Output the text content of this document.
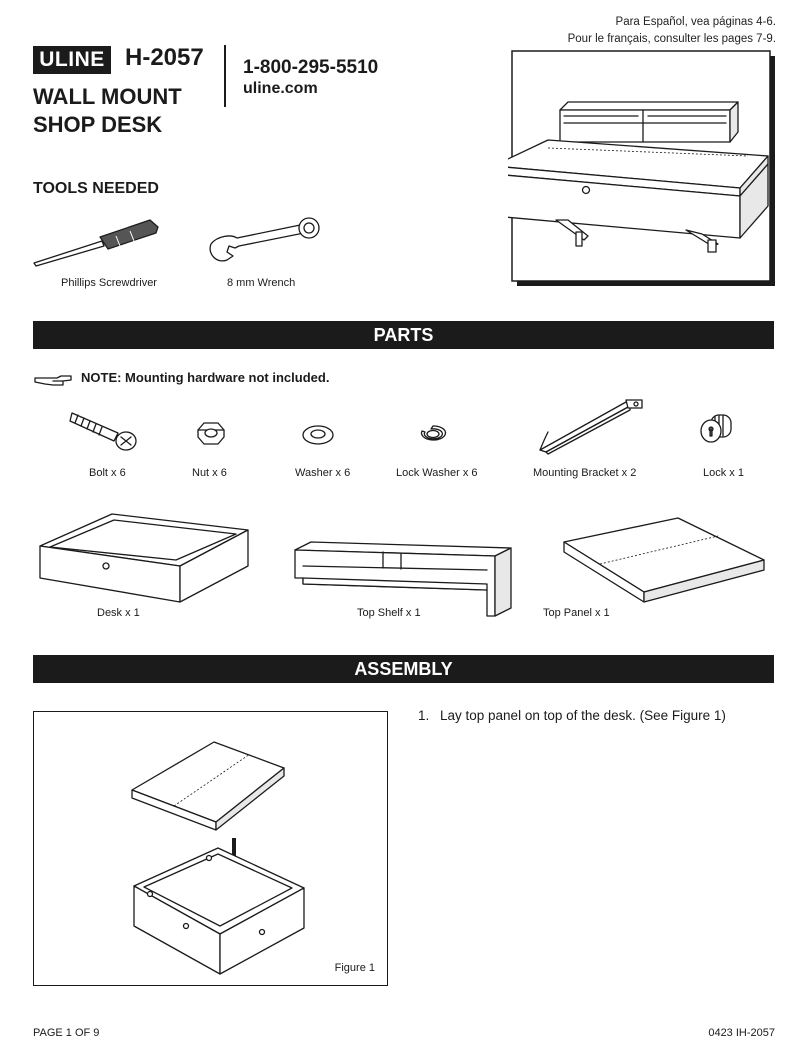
Para Español, vea páginas 4-6.
Pour le français, consulter les pages 7-9.
ULINE H-2057
WALL MOUNT
SHOP DESK
1-800-295-5510
uline.com
TOOLS NEEDED
Phillips Screwdriver	8 mm Wrench
PARTS
NOTE: Mounting hardware not included.
Bolt x 6	Nut x 6	Washer x 6	Lock Washer x 6	Mounting Bracket x 2	Lock x 1
Desk x 1	Top Shelf x 1	Top Panel x 1
ASSEMBLY
Figure 1
1. Lay top panel on top of the desk. (See Figure 1)
PAGE 1 OF 9	0423 IH-2057
